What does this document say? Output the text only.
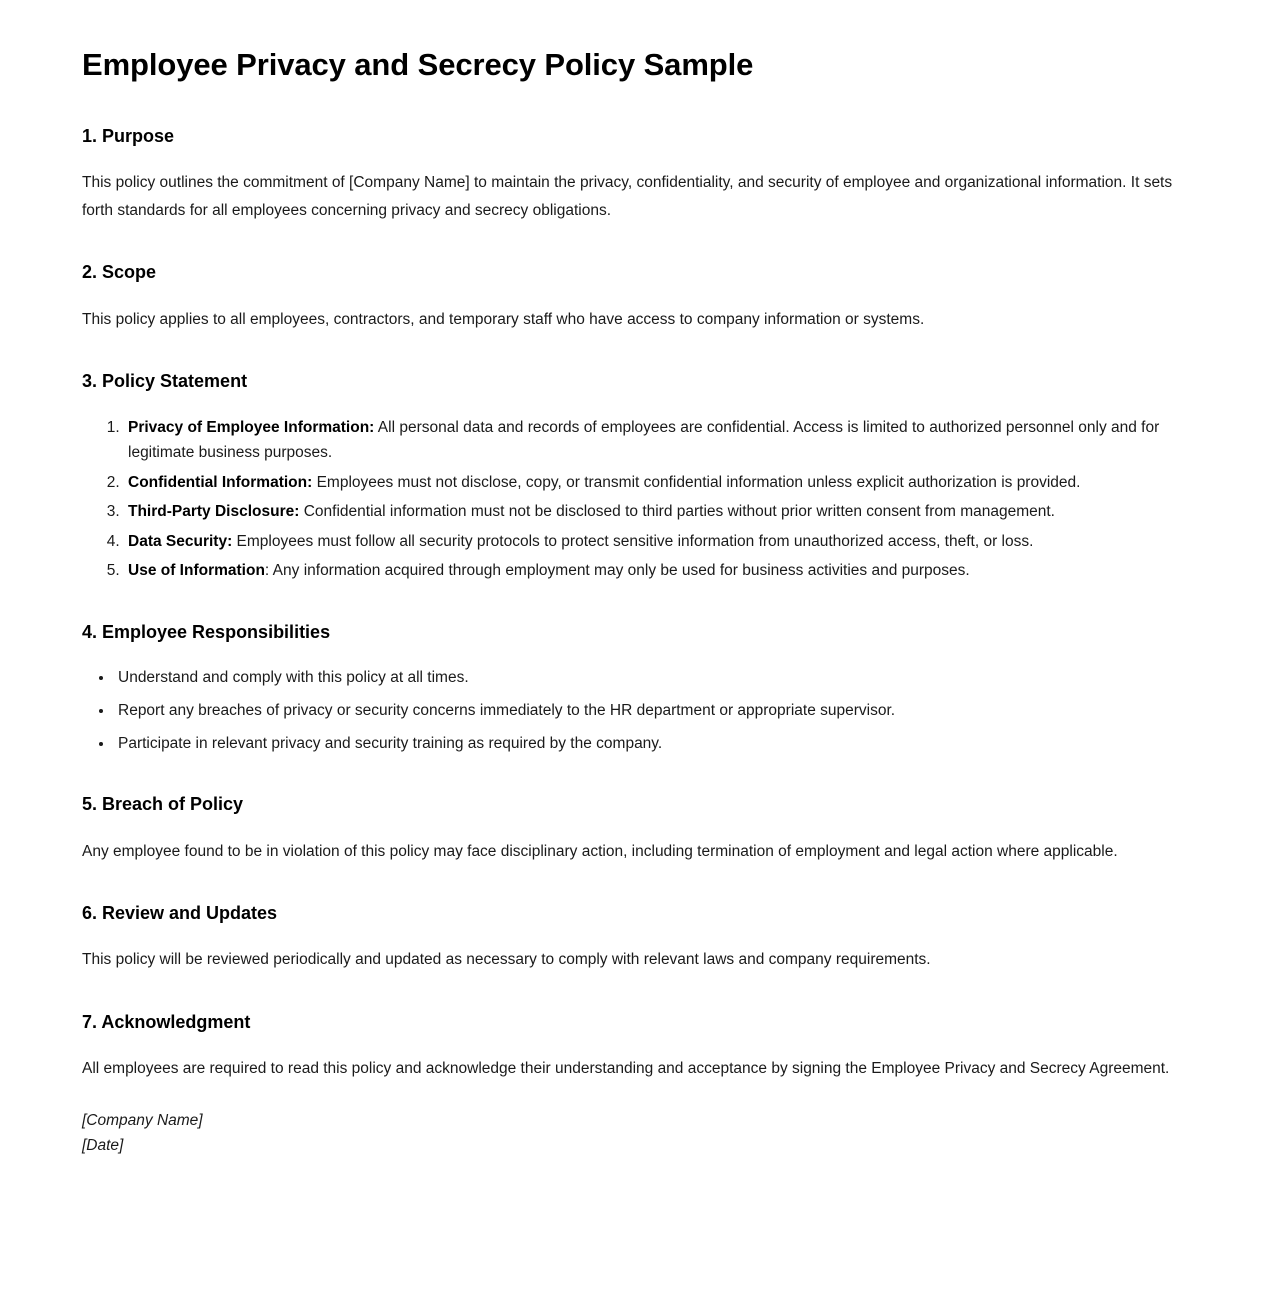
Employee Privacy and Secrecy Policy Sample
1. Purpose

This policy outlines the commitment of [Company Name] to maintain the privacy, confidentiality, and security of employee and organizational information. It sets forth standards for all employees concerning privacy and secrecy obligations.

2. Scope

This policy applies to all employees, contractors, and temporary staff who have access to company information or systems.

3. Policy Statement
1. Privacy of Employee Information: All personal data and records of employees are confidential. Access is limited to authorized personnel only and for legitimate business purposes.
2. Confidential Information: Employees must not disclose, copy, or transmit confidential information unless explicit authorization is provided.
3. Third-Party Disclosure: Confidential information must not be disclosed to third parties without prior written consent from management.
4. Data Security: Employees must follow all security protocols to protect sensitive information from unauthorized access, theft, or loss.
5. Use of Information: Any information acquired through employment may only be used for business activities and purposes.
4. Employee Responsibilities
• Understand and comply with this policy at all times.
• Report any breaches of privacy or security concerns immediately to the HR department or appropriate supervisor.
• Participate in relevant privacy and security training as required by the company.
5. Breach of Policy

Any employee found to be in violation of this policy may face disciplinary action, including termination of employment and legal action where applicable.

6. Review and Updates

This policy will be reviewed periodically and updated as necessary to comply with relevant laws and company requirements.

7. Acknowledgment

All employees are required to read this policy and acknowledge their understanding and acceptance by signing the Employee Privacy and Secrecy Agreement.

[Company Name]
[Date]
